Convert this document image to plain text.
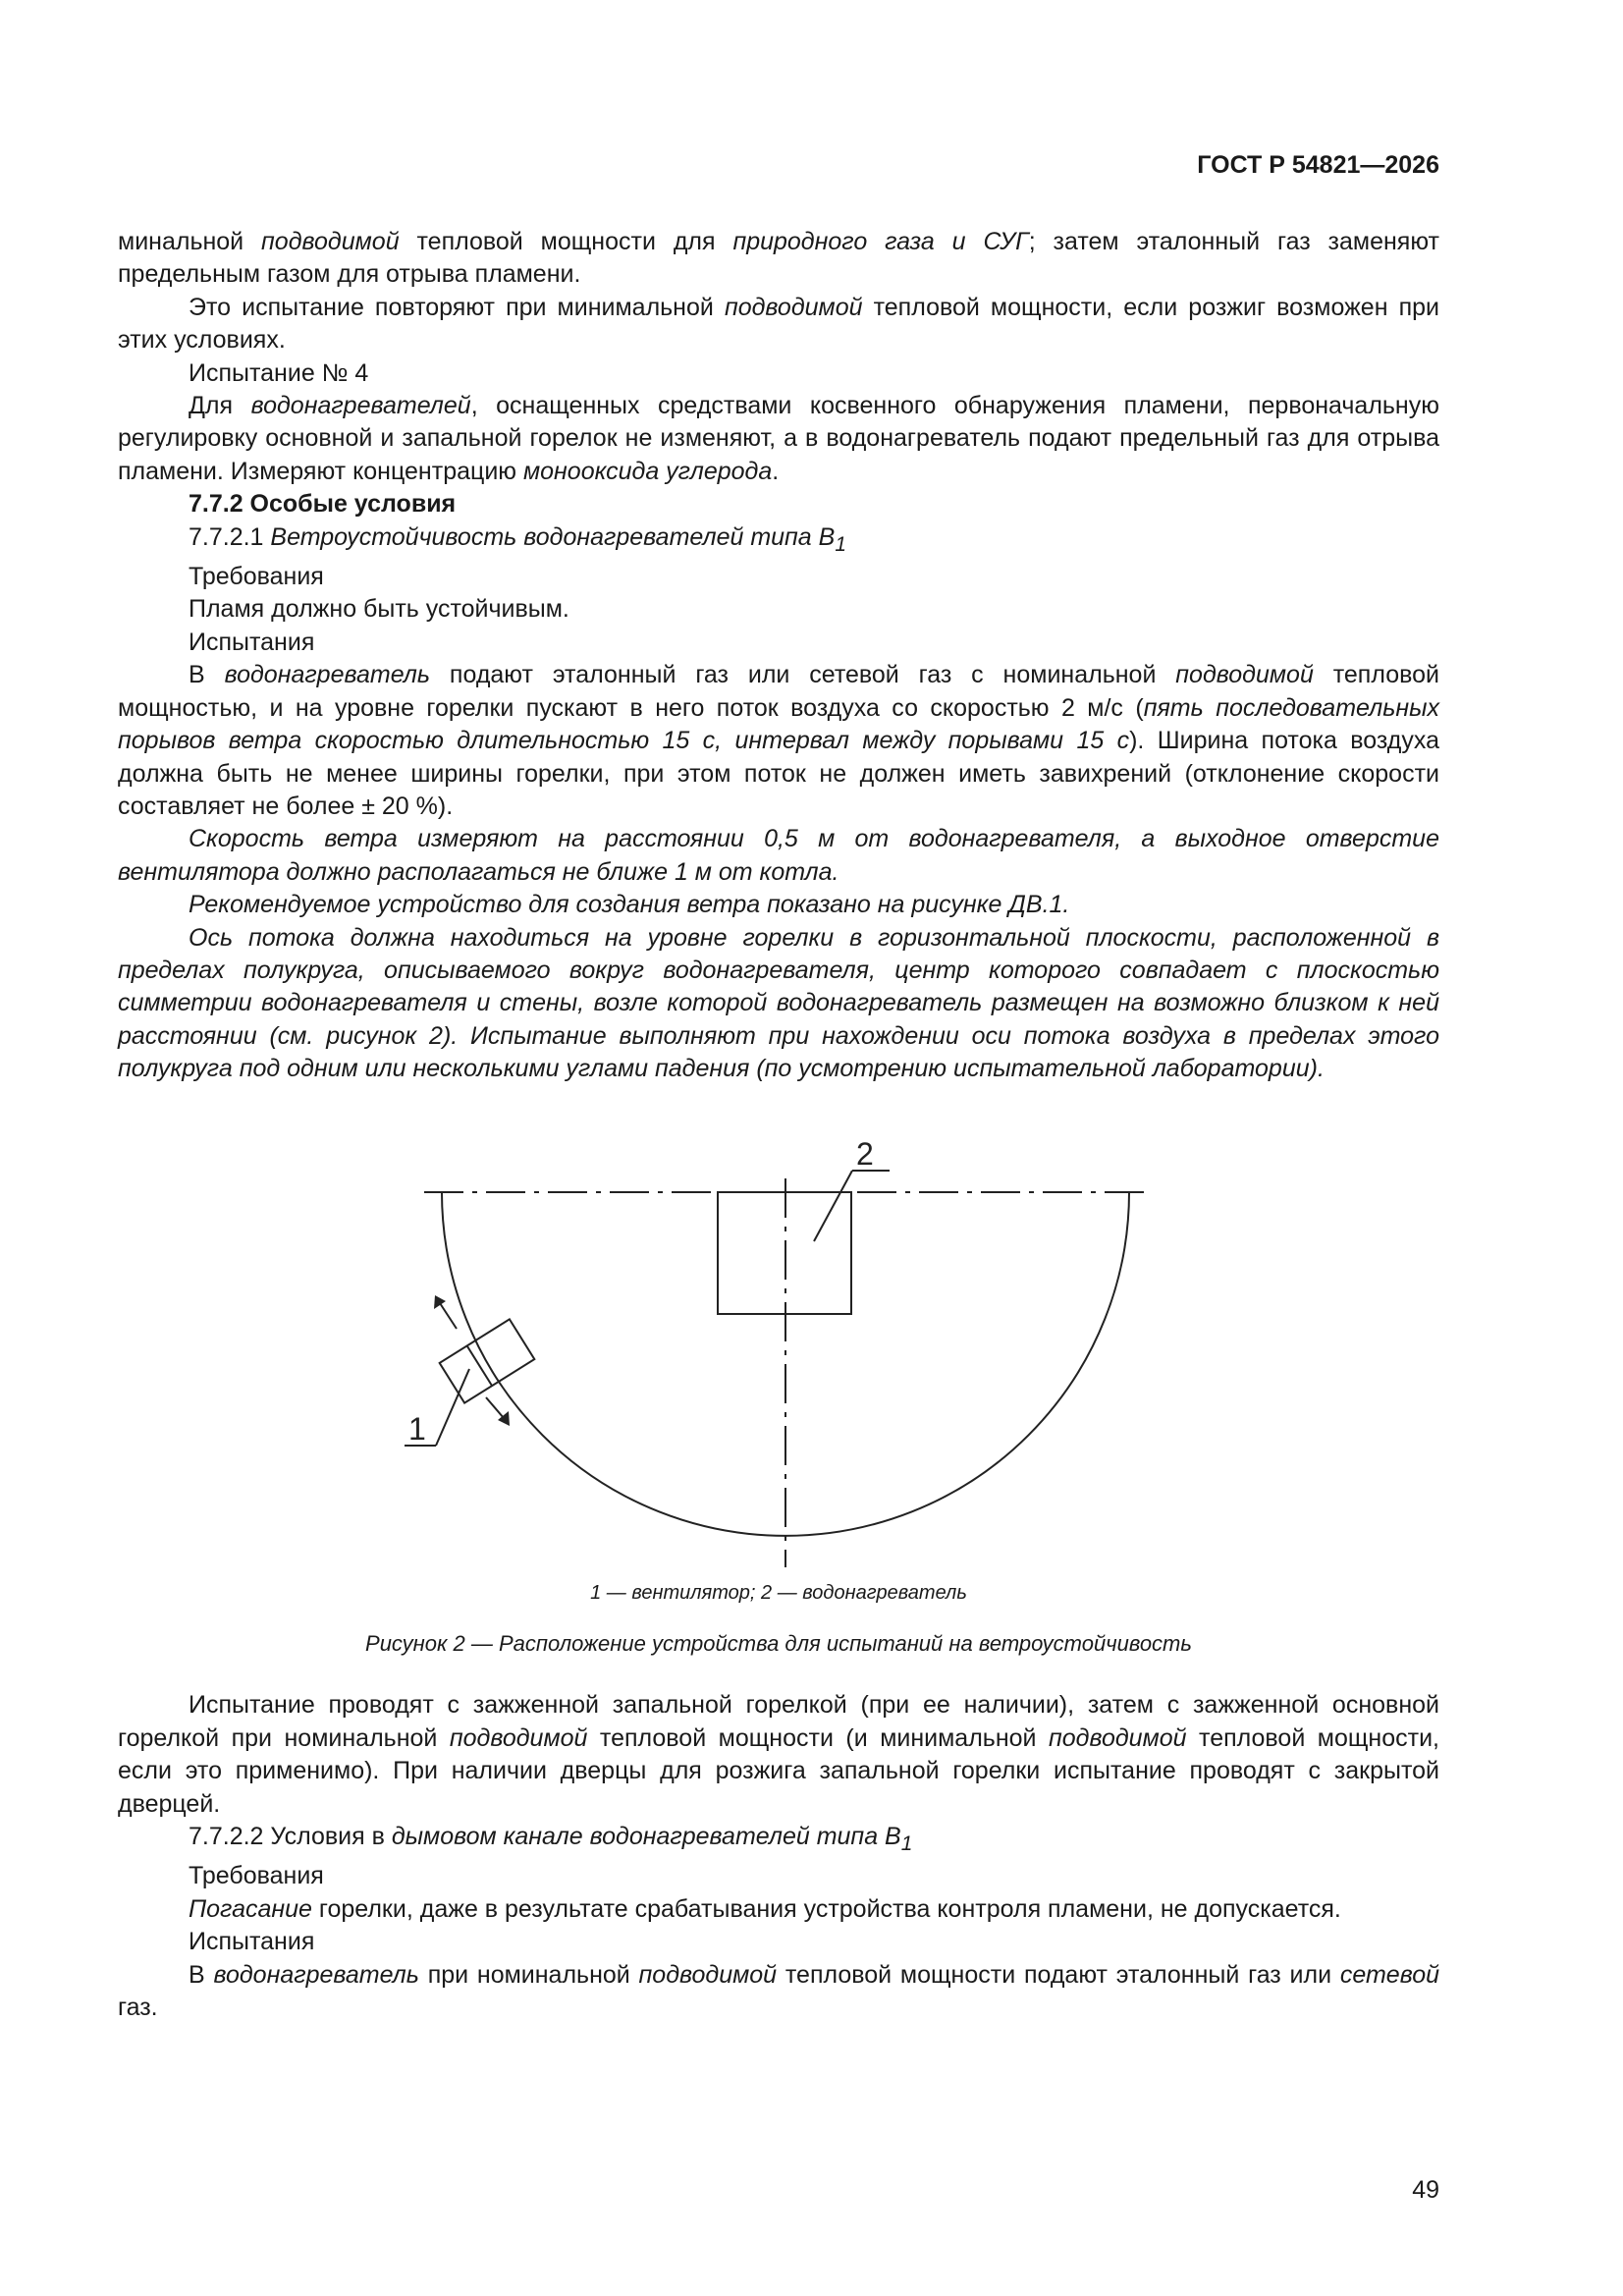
ГОСТ Р 54821—2026

минальной подводимой тепловой мощности для природного газа и СУГ; затем эталонный газ заменяют предельным газом для отрыва пламени.

Это испытание повторяют при минимальной подводимой тепловой мощности, если розжиг возможен при этих условиях.

Испытание № 4

Для водонагревателей, оснащенных средствами косвенного обнаружения пламени, первоначальную регулировку основной и запальной горелок не изменяют, а в водонагреватель подают предельный газ для отрыва пламени. Измеряют концентрацию монооксида углерода.

7.7.2 Особые условия

7.7.2.1 Ветроустойчивость водонагревателей типа $В_1$

Требования

Пламя должно быть устойчивым.

Испытания

В водонагреватель подают эталонный газ или сетевой газ с номинальной подводимой тепловой мощностью, и на уровне горелки пускают в него поток воздуха со скоростью 2 м/с (пять последовательных порывов ветра скоростью длительностью 15 с, интервал между порывами 15 с). Ширина потока воздуха должна быть не менее ширины горелки, при этом поток не должен иметь завихрений (отклонение скорости составляет не более ± 20 %).

Скорость ветра измеряют на расстоянии 0,5 м от водонагревателя, а выходное отверстие вентилятора должно располагаться не ближе 1 м от котла.

Рекомендуемое устройство для создания ветра показано на рисунке ДВ.1.

Ось потока должна находиться на уровне горелки в горизонтальной плоскости, расположенной в пределах полукруга, описываемого вокруг водонагревателя, центр которого совпадает с плоскостью симметрии водонагревателя и стены, возле которой водонагреватель размещен на возможно близком к ней расстоянии (см. рисунок 2). Испытание выполняют при нахождении оси потока воздуха в пределах этого полукруга под одним или несколькими углами падения (по усмотрению испытательной лаборатории).

2
1
1 — вентилятор; 2 — водонагреватель
Рисунок 2 — Расположение устройства для испытаний на ветроустойчивость

Испытание проводят с зажженной запальной горелкой (при ее наличии), затем с зажженной основной горелкой при номинальной подводимой тепловой мощности (и минимальной подводимой тепловой мощности, если это применимо). При наличии дверцы для розжига запальной горелки испытание проводят с закрытой дверцей.

7.7.2.2 Условия в дымовом канале водонагревателей типа $В_1$

Требования

Погасание горелки, даже в результате срабатывания устройства контроля пламени, не допускается.

Испытания

В водонагреватель при номинальной подводимой тепловой мощности подают эталонный газ или сетевой газ.

49
